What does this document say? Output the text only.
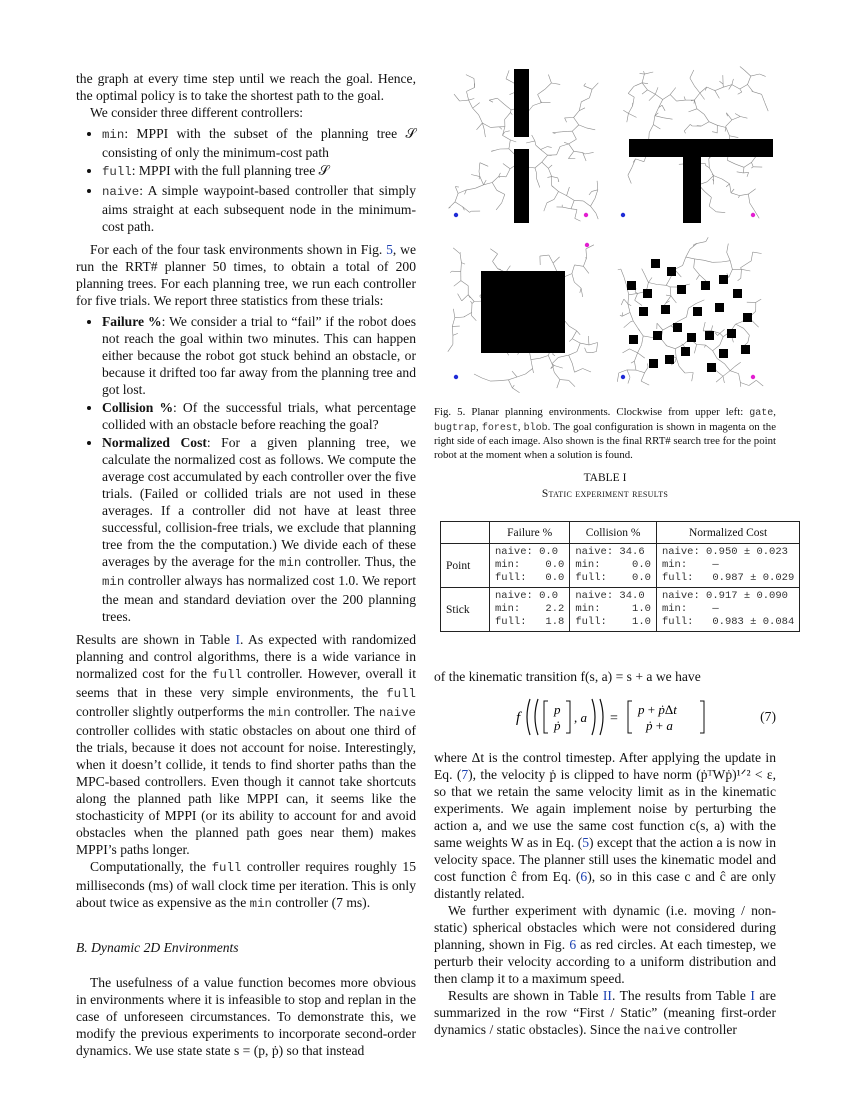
the graph at every time step until we reach the goal. Hence, the optimal policy is to take the shortest path to the goal.

We consider three different controllers:

• min: MPPI with the subset of the planning tree 𝒮 consisting of only the minimum-cost path
• full: MPPI with the full planning tree 𝒮
• naive: A simple waypoint-based controller that simply aims straight at each subsequent node in the minimum-cost path.

For each of the four task environments shown in Fig. 5, we run the RRT# planner 50 times, to obtain a total of 200 planning trees. For each planning tree, we run each controller for five trials. We report three statistics from these trials:

• Failure %: We consider a trial to “fail” if the robot does not reach the goal within two minutes. This can happen either because the robot got stuck behind an obstacle, or because it drifted too far away from the planning tree and got lost.
• Collision %: Of the successful trials, what percentage collided with an obstacle before reaching the goal?
• Normalized Cost: For a given planning tree, we calculate the normalized cost as follows. We compute the average cost accumulated by each controller over the five trials. (Failed or collided trials are not used in these averages. If a controller did not have at least three successful, collision-free trials, we exclude that planning tree from the the computation.) We divide each of these averages by the average for the min controller. Thus, the min controller always has normalized cost 1.0. We report the mean and standard deviation over the 200 planning trees.

Results are shown in Table I. As expected with randomized planning and control algorithms, there is a wide variance in normalized cost for the full controller. However, overall it seems that in these very simple environments, the full controller slightly outperforms the min controller. The naive controller collides with static obstacles on about one third of the trials, because it does not account for noise. Interestingly, when it doesn’t collide, it tends to find shorter paths than the MPC-based controllers. Even though it cannot take shortcuts along the planned path like MPPI can, it seems like the stochasticity of MPPI (or its ability to account for and avoid obstacles when the planned path goes near them) makes MPPI’s paths longer.

Computationally, the full controller requires roughly 15 milliseconds (ms) of wall clock time per iteration. This is only about twice as expensive as the min controller (7 ms).

B. Dynamic 2D Environments

The usefulness of a value function becomes more obvious in environments where it is infeasible to stop and replan in the case of unforeseen circumstances. To demonstrate this, we modify the previous experiments to incorporate second-order dynamics. We use state state s = (p, ṗ) so that instead

Fig. 5. Planar planning environments. Clockwise from upper left: gate, bugtrap, forest, blob. The goal configuration is shown in magenta on the right side of each image. Also shown is the final RRT# search tree for the point robot at the moment when a solution is found.
TABLE I
Static experiment results
	Failure %	Collision %	Normalized Cost
Point	naive: 0.0
min:    0.0
full:   0.0	naive: 34.6
min:     0.0
full:    0.0	naive: 0.950 ± 0.023
min:    —
full:   0.987 ± 0.029
Stick	naive: 0.0
min:    2.2
full:   1.8	naive: 34.0
min:     1.0
full:    1.0	naive: 0.917 ± 0.090
min:    —
full:   0.983 ± 0.084

of the kinematic transition f(s, a) = s + a we have

f
p
ṗ
, a =
p + ṗΔt
ṗ + a
(7)

where Δt is the control timestep. After applying the update in Eq. (7), the velocity ṗ is clipped to have norm (ṗᵀWṗ)¹ᐟ² < ε, so that we retain the same velocity limit as in the kinematic experiments. We again implement noise by perturbing the action a, and we use the same cost function c(s, a) with the same weights W as in Eq. (5) except that the action a is now in velocity space. The planner still uses the kinematic model and cost function ĉ from Eq. (6), so in this case c and ĉ are only distantly related.

We further experiment with dynamic (i.e. moving / non-static) spherical obstacles which were not considered during planning, shown in Fig. 6 as red circles. At each timestep, we perturb their velocity according to a uniform distribution and then clamp it to a maximum speed.

Results are shown in Table II. The results from Table I are summarized in the row “First / Static” (meaning first-order dynamics / static obstacles). Since the naive controller
